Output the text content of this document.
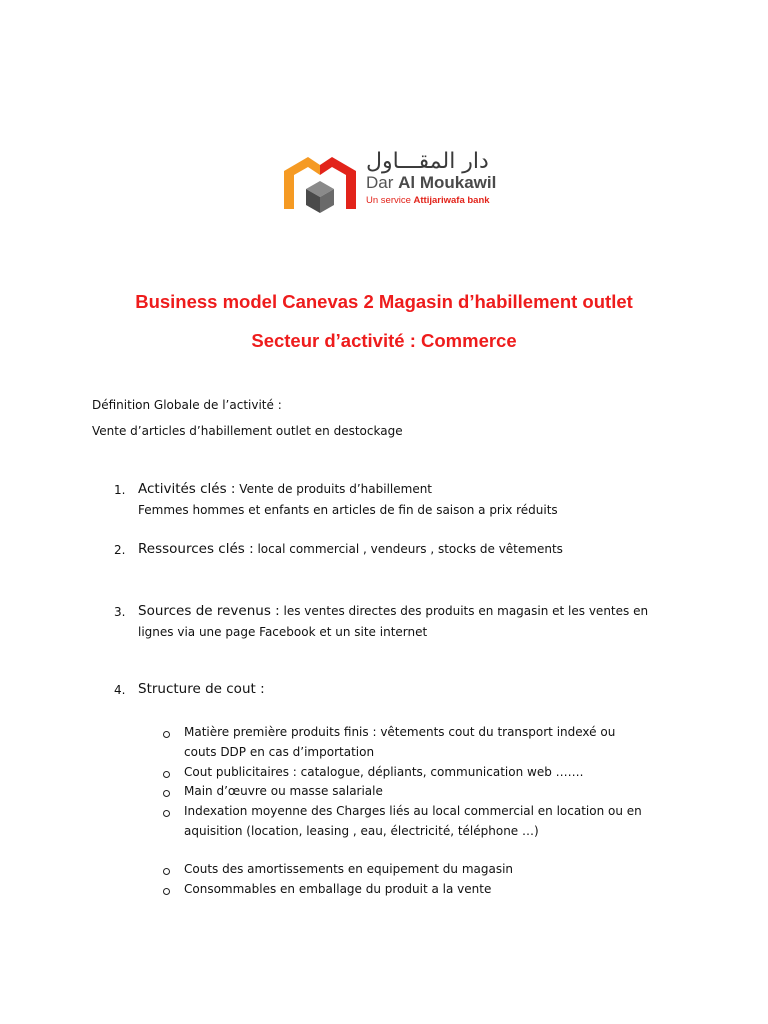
دار المقـــاول
Dar Al Moukawil
Un service Attijariwafa bank
Business model Canevas 2 Magasin d’habillement outlet
Secteur d’activité : Commerce
Définition Globale de l’activité :
Vente d’articles d’habillement outlet en destockage
1. Activités clés : Vente de produits d’habillement
Femmes hommes et enfants en articles de fin de saison a prix réduits
2. Ressources clés : local commercial , vendeurs , stocks de vêtements
3. Sources de revenus : les ventes directes des produits en magasin et les ventes en
lignes via une page Facebook et un site internet
4. Structure de cout :
Matière première produits finis : vêtements cout du transport indexé ou
couts DDP en cas d’importation
Cout publicitaires : catalogue, dépliants, communication web …….
Main d’œuvre ou masse salariale
Indexation moyenne des Charges liés au local commercial en location ou en
aquisition (location, leasing , eau, électricité, téléphone …)
Couts des amortissements en equipement du magasin
Consommables en emballage du produit a la vente
